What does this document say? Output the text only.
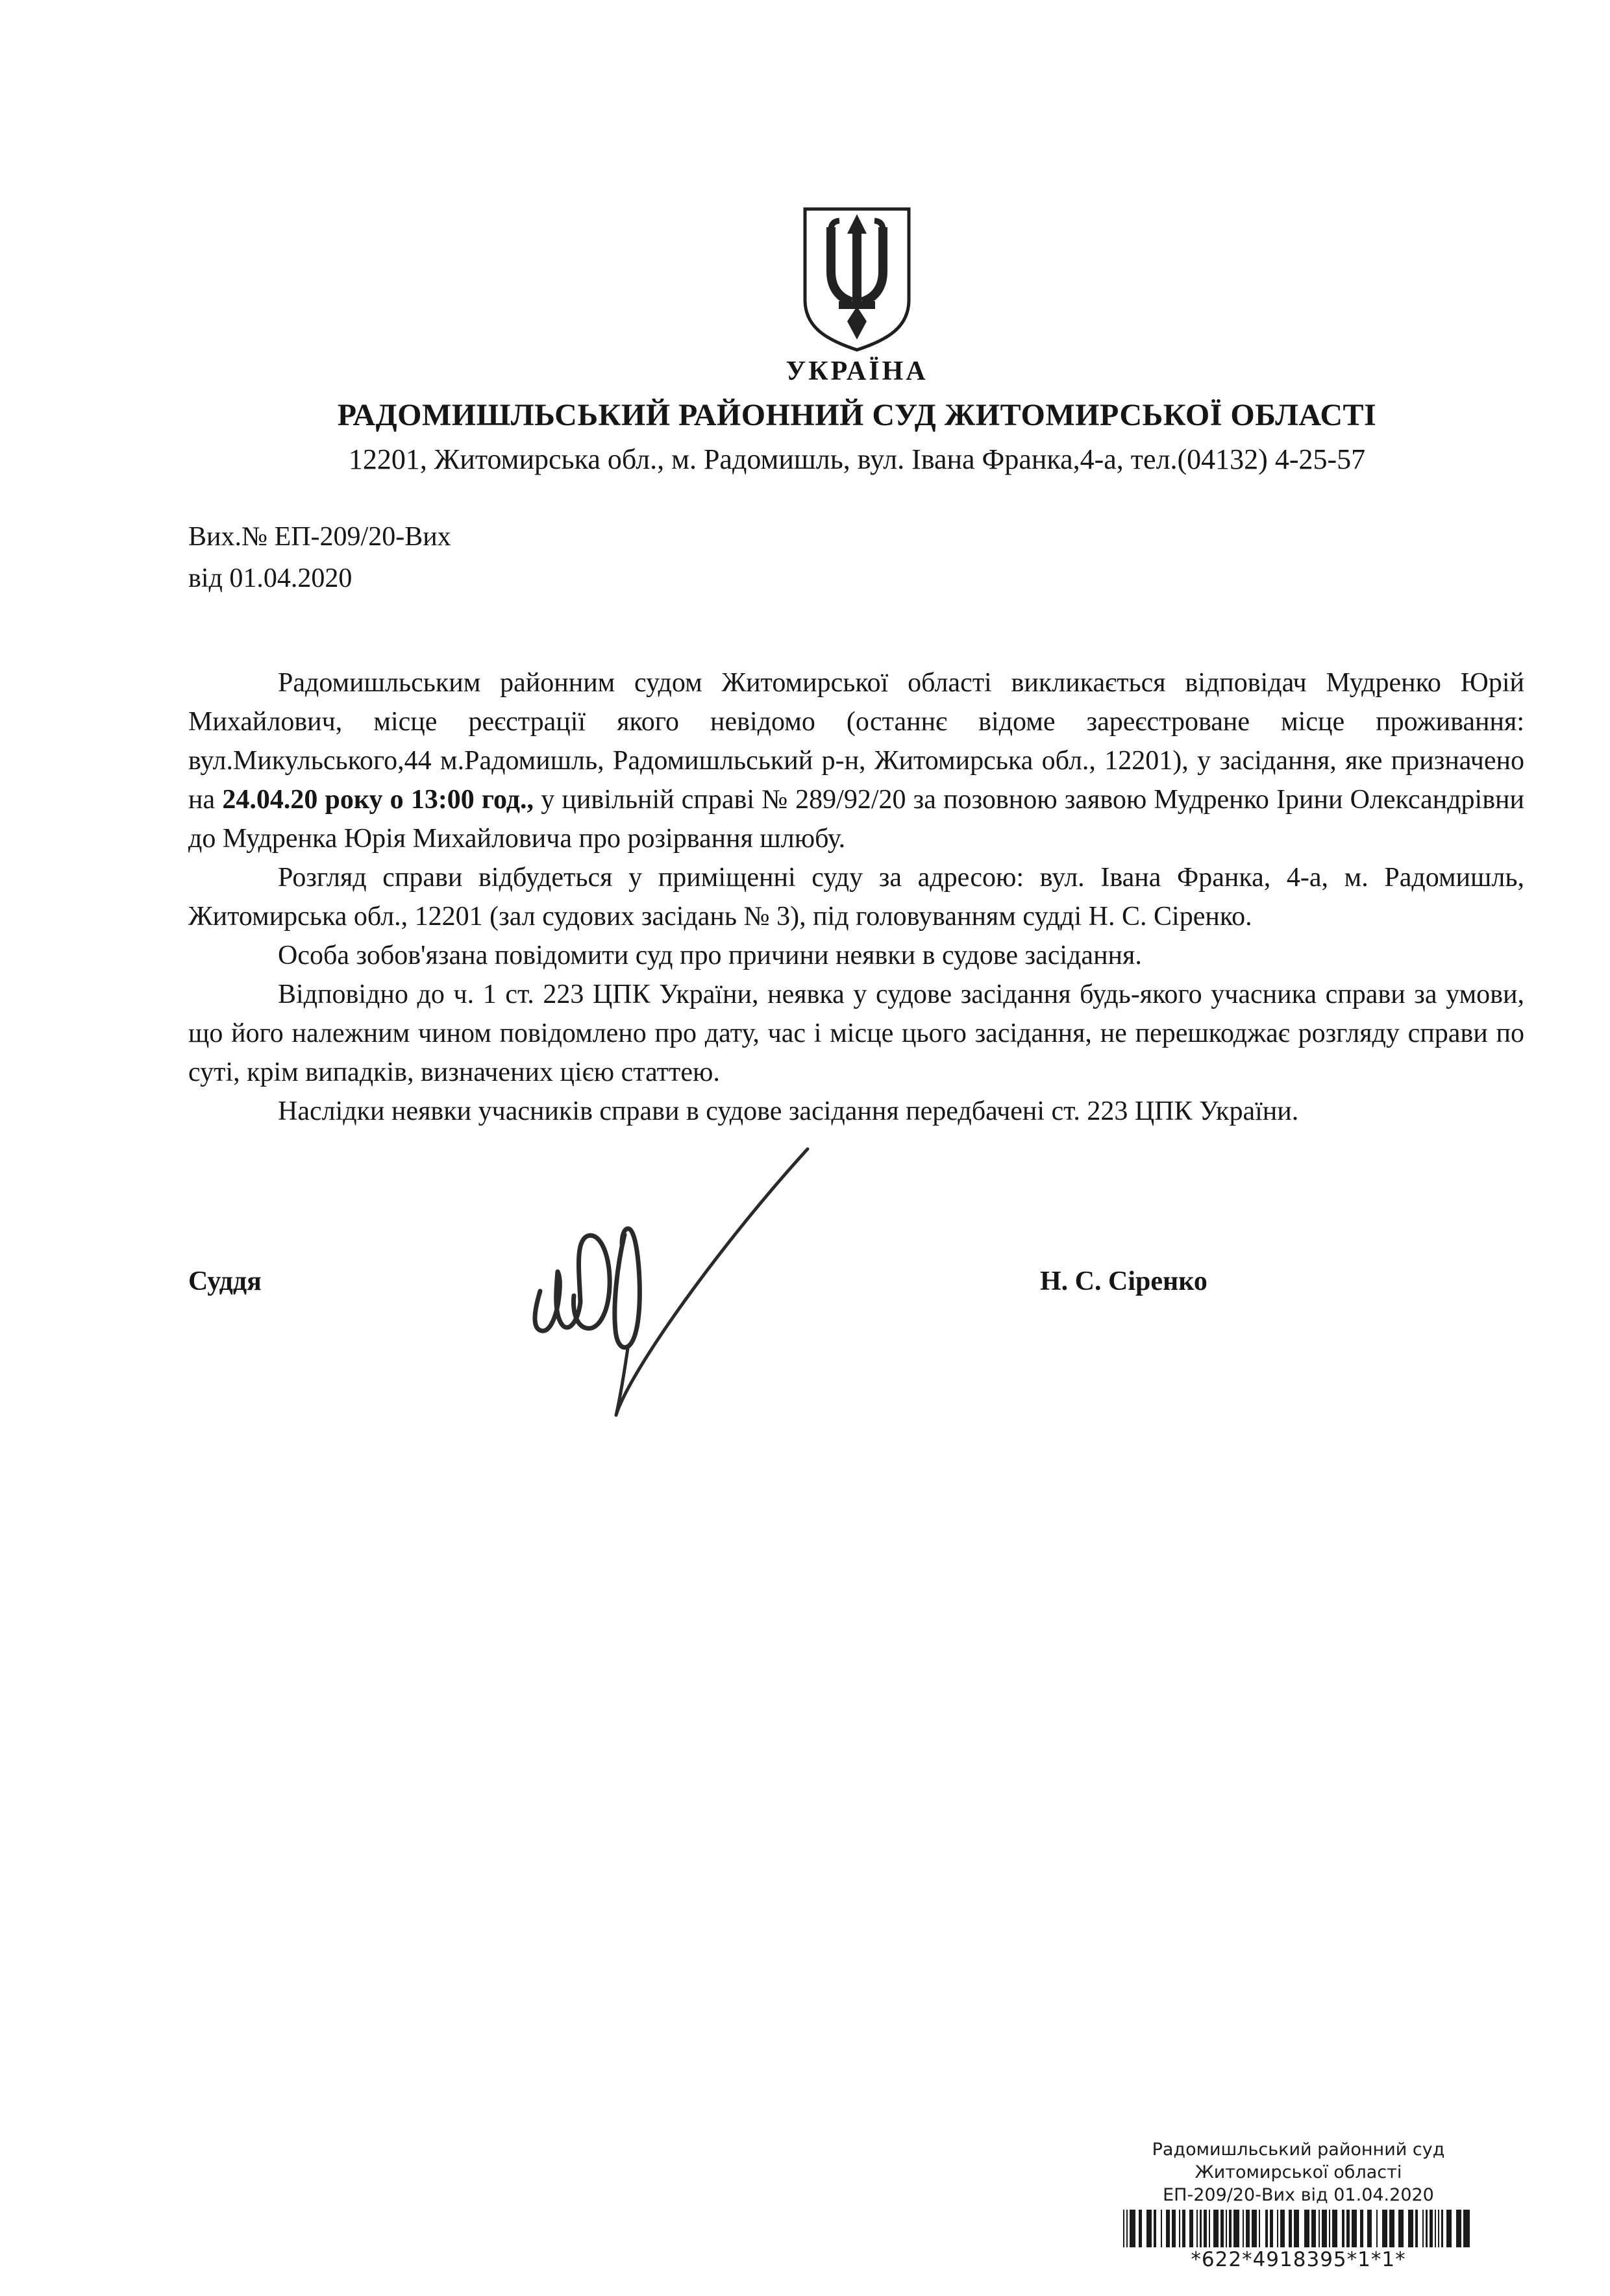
УКРАЇНА
РАДОМИШЛЬСЬКИЙ РАЙОННИЙ СУД ЖИТОМИРСЬКОЇ ОБЛАСТІ
12201, Житомирська обл., м. Радомишль, вул. Івана Франка,4-а, тел.(04132) 4-25-57
Вих.№ ЕП-209/20-Вих
від 01.04.2020

Радомишльським районним судом Житомирської області викликається відповідач Мудренко Юрій Михайлович, місце реєстрації якого невідомо (останнє відоме зареєстроване місце проживання: вул.Микульського,44 м.Радомишль, Радомишльський р-н, Житомирська обл., 12201), у засідання, яке призначено на 24.04.20 року о 13:00 год., у цивільній справі № 289/92/20 за позовною заявою Мудренко Ірини Олександрівни до Мудренка Юрія Михайловича про розірвання шлюбу.

Розгляд справи відбудеться у приміщенні суду за адресою: вул. Івана Франка, 4-а, м. Радомишль, Житомирська обл., 12201 (зал судових засідань № 3), під головуванням судді Н. С. Сіренко.

Особа зобов'язана повідомити суд про причини неявки в судове засідання.

Відповідно до ч. 1 ст. 223 ЦПК України, неявка у судове засідання будь-якого учасника справи за умови, що його належним чином повідомлено про дату, час і місце цього засідання, не перешкоджає розгляду справи по суті, крім випадків, визначених цією статтею.

Наслідки неявки учасників справи в судове засідання передбачені ст. 223 ЦПК України.

Суддя	Н. С. Сіренко
Радомишльський районний суд
Житомирської області
ЕП-209/20-Вих від 01.04.2020
*622*4918395*1*1*
